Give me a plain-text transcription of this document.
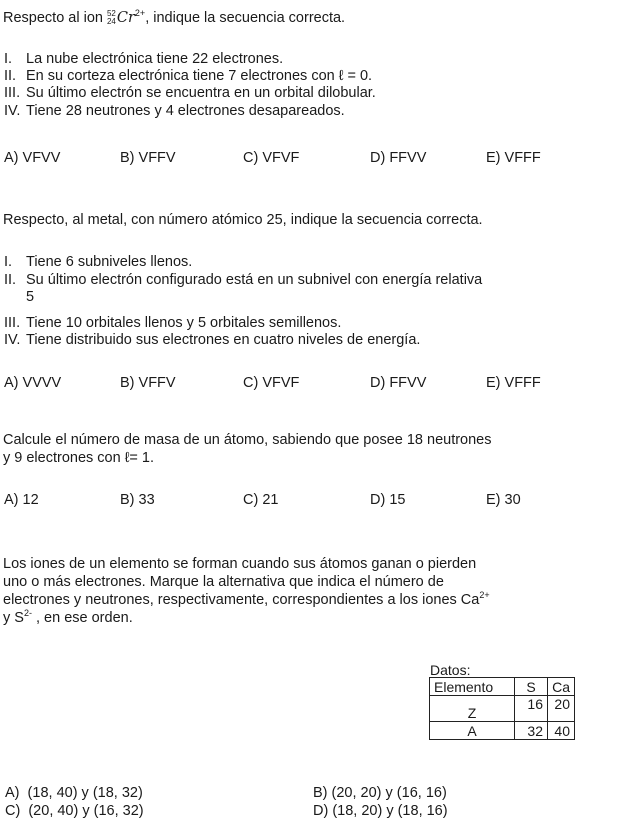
Respecto al ion 52
$24Cr^{2+}$, indique la secuencia correcta.
I. La nube electrónica tiene 22 electrones.
II. En su corteza electrónica tiene 7 electrones con ℓ = 0.
III. Su último electrón se encuentra en un orbital dilobular.
IV. Tiene 28 neutrones y 4 electrones desapareados.
A) VFVV	B) VFFV	C) VFVF	D) FFVV	E) VFFF
Respecto, al metal, con número atómico 25, indique la secuencia correcta.
I. Tiene 6 subniveles llenos.
II. Su último electrón configurado está en un subnivel con energía relativa
5
III. Tiene 10 orbitales llenos y 5 orbitales semillenos.
IV. Tiene distribuido sus electrones en cuatro niveles de energía.
A) VVVV	B) VFFV	C) VFVF	D) FFVV	E) VFFF
Calcule el número de masa de un átomo, sabiendo que posee 18 neutrones
y 9 electrones con ℓ= 1.
A) 12	B) 33	C) 21	D) 15	E) 30
Los iones de un elemento se forman cuando sus átomos ganan o pierden
uno o más electrones. Marque la alternativa que indica el número de
electrones y neutrones, respectivamente, correspondientes a los iones $Ca^{2+}$
y $S^{2-}$ , en ese orden.
Datos:
Elemento	S	Ca
Z	16	20
A	32	40
A)  (18, 40) y (18, 32)	B) (20, 20) y (16, 16)
C)  (20, 40) y (16, 32)	D) (18, 20) y (18, 16)
